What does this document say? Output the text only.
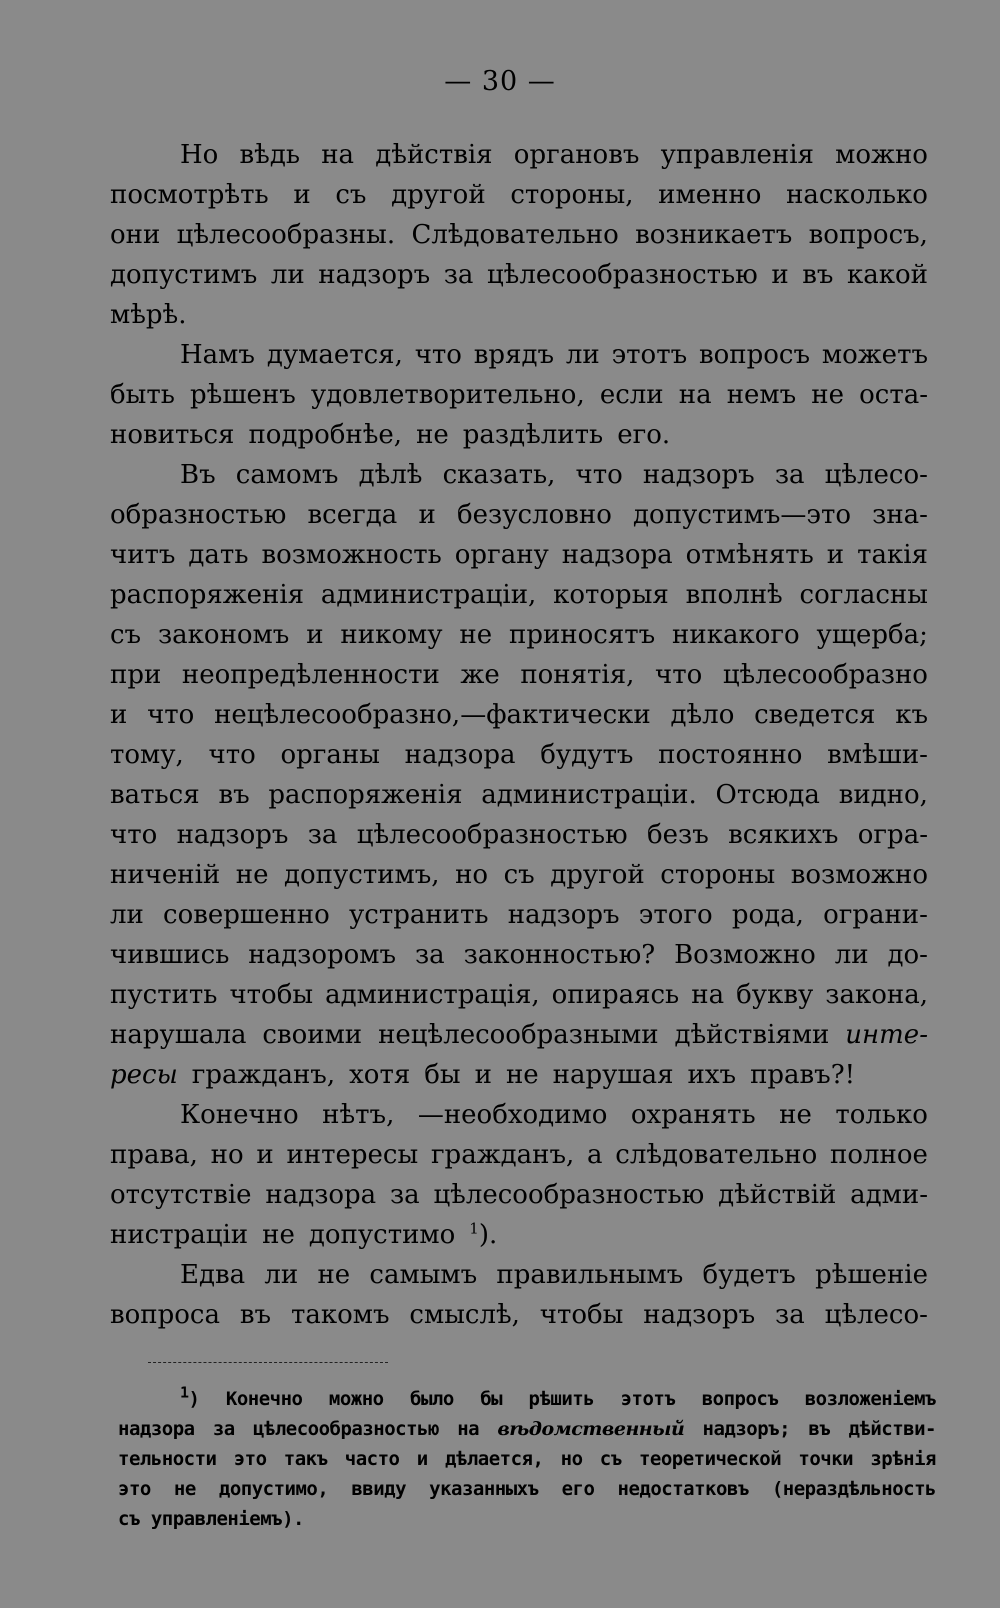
— 30 —
Но вѣдь на дѣйствія органовъ управленія можно
посмотрѣть и съ другой стороны, именно насколько
они цѣлесообразны. Слѣдовательно возникаетъ вопросъ,
допустимъ ли надзоръ за цѣлесообразностью и въ какой
мѣрѣ.
Намъ думается, что врядъ ли этотъ вопросъ можетъ
быть рѣшенъ удовлетворительно, если на немъ не оста-
новиться подробнѣе, не раздѣлить его.
Въ самомъ дѣлѣ сказать, что надзоръ за цѣлесо-
образностью всегда и безусловно допустимъ—это зна-
читъ дать возможность органу надзора отмѣнять и такія
распоряженія администраціи, которыя вполнѣ согласны
съ закономъ и никому не приносятъ никакого ущерба;
при неопредѣленности же понятія, что цѣлесообразно
и что нецѣлесообразно,—фактически дѣло сведется къ
тому, что органы надзора будутъ постоянно вмѣши-
ваться въ распоряженія администраціи. Отсюда видно,
что надзоръ за цѣлесообразностью безъ всякихъ огра-
ниченій не допустимъ, но съ другой стороны возможно
ли совершенно устранить надзоръ этого рода, ограни-
чившись надзоромъ за законностью? Возможно ли до-
пустить чтобы администрація, опираясь на букву закона,
нарушала своими нецѣлесообразными дѣйствіями инте-
ресы гражданъ, хотя бы и не нарушая ихъ правъ?!
Конечно нѣтъ, —необходимо охранять не только
права, но и интересы гражданъ, а слѣдовательно полное
отсутствіе надзора за цѣлесообразностью дѣйствій адми-
нистраціи не допустимо $^1$).
Едва ли не самымъ правильнымъ будетъ рѣшеніе
вопроса въ такомъ смыслѣ, чтобы надзоръ за цѣлесо-
$^1$) Конечно можно было бы рѣшить этотъ вопросъ возложеніемъ
надзора за цѣлесообразностью на вѣдомственный надзоръ; въ дѣйстви-
тельности это такъ часто и дѣлается, но съ теоретической точки зрѣнія
это не допустимо, ввиду указанныхъ его недостатковъ (нераздѣльность
съ управленіемъ).
